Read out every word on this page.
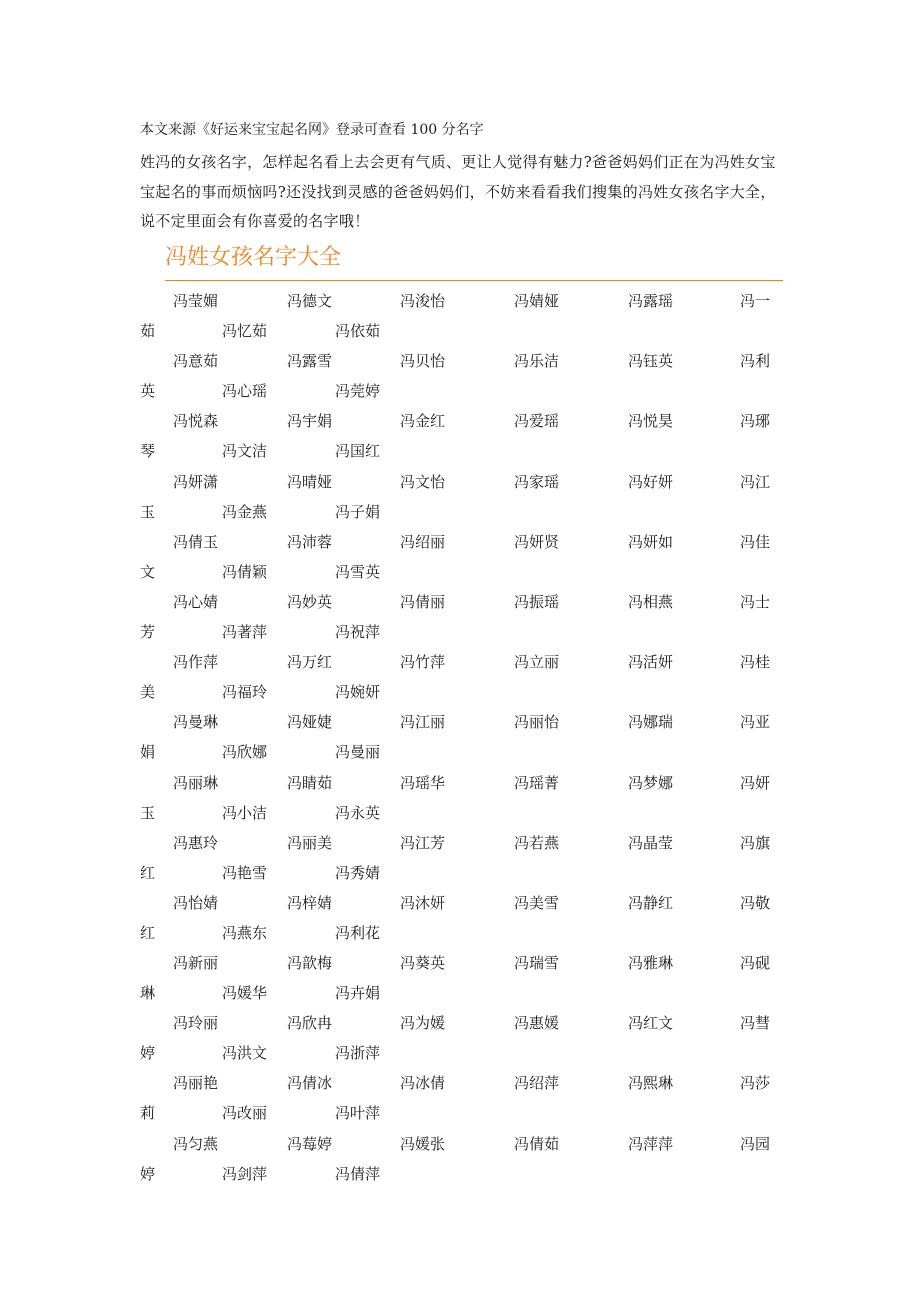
本文来源《好运来宝宝起名网》登录可查看 100 分名字
姓冯的女孩名字，怎样起名看上去会更有气质、更让人觉得有魅力?爸爸妈妈们正在为冯姓女宝宝起名的事而烦恼吗?还没找到灵感的爸爸妈妈们，不妨来看看我们搜集的冯姓女孩名字大全，说不定里面会有你喜爱的名字哦！
冯姓女孩名字大全
冯莹媚	冯德文	冯浚怡	冯婧娅	冯露瑶	冯一
茹	冯忆茹	冯依茹
冯意茹	冯露雪	冯贝怡	冯乐洁	冯钰英	冯利
英	冯心瑶	冯莞婷
冯悦森	冯宇娟	冯金红	冯爱瑶	冯悦昊	冯琊
琴	冯文洁	冯国红
冯妍潇	冯晴娅	冯文怡	冯家瑶	冯好妍	冯江
玉	冯金燕	冯子娟
冯倩玉	冯沛蓉	冯绍丽	冯妍贤	冯妍如	冯佳
文	冯倩颖	冯雪英
冯心婧	冯妙英	冯倩丽	冯振瑶	冯相燕	冯士
芳	冯著萍	冯祝萍
冯作萍	冯万红	冯竹萍	冯立丽	冯活妍	冯桂
美	冯福玲	冯婉妍
冯曼琳	冯娅婕	冯江丽	冯丽怡	冯娜瑞	冯亚
娟	冯欣娜	冯曼丽
冯丽琳	冯睛茹	冯瑶华	冯瑶菁	冯梦娜	冯妍
玉	冯小洁	冯永英
冯惠玲	冯丽美	冯江芳	冯若燕	冯晶莹	冯旗
红	冯艳雪	冯秀婧
冯怡婧	冯梓婧	冯沐妍	冯美雪	冯静红	冯敬
红	冯燕东	冯利花
冯新丽	冯歆梅	冯葵英	冯瑞雪	冯雅琳	冯砚
琳	冯媛华	冯卉娟
冯玲丽	冯欣冉	冯为媛	冯惠媛	冯红文	冯彗
婷	冯洪文	冯浙萍
冯丽艳	冯倩冰	冯冰倩	冯绍萍	冯熙琳	冯莎
莉	冯改丽	冯叶萍
冯匀燕	冯莓婷	冯媛张	冯倩茹	冯萍萍	冯园
婷	冯剑萍	冯倩萍
